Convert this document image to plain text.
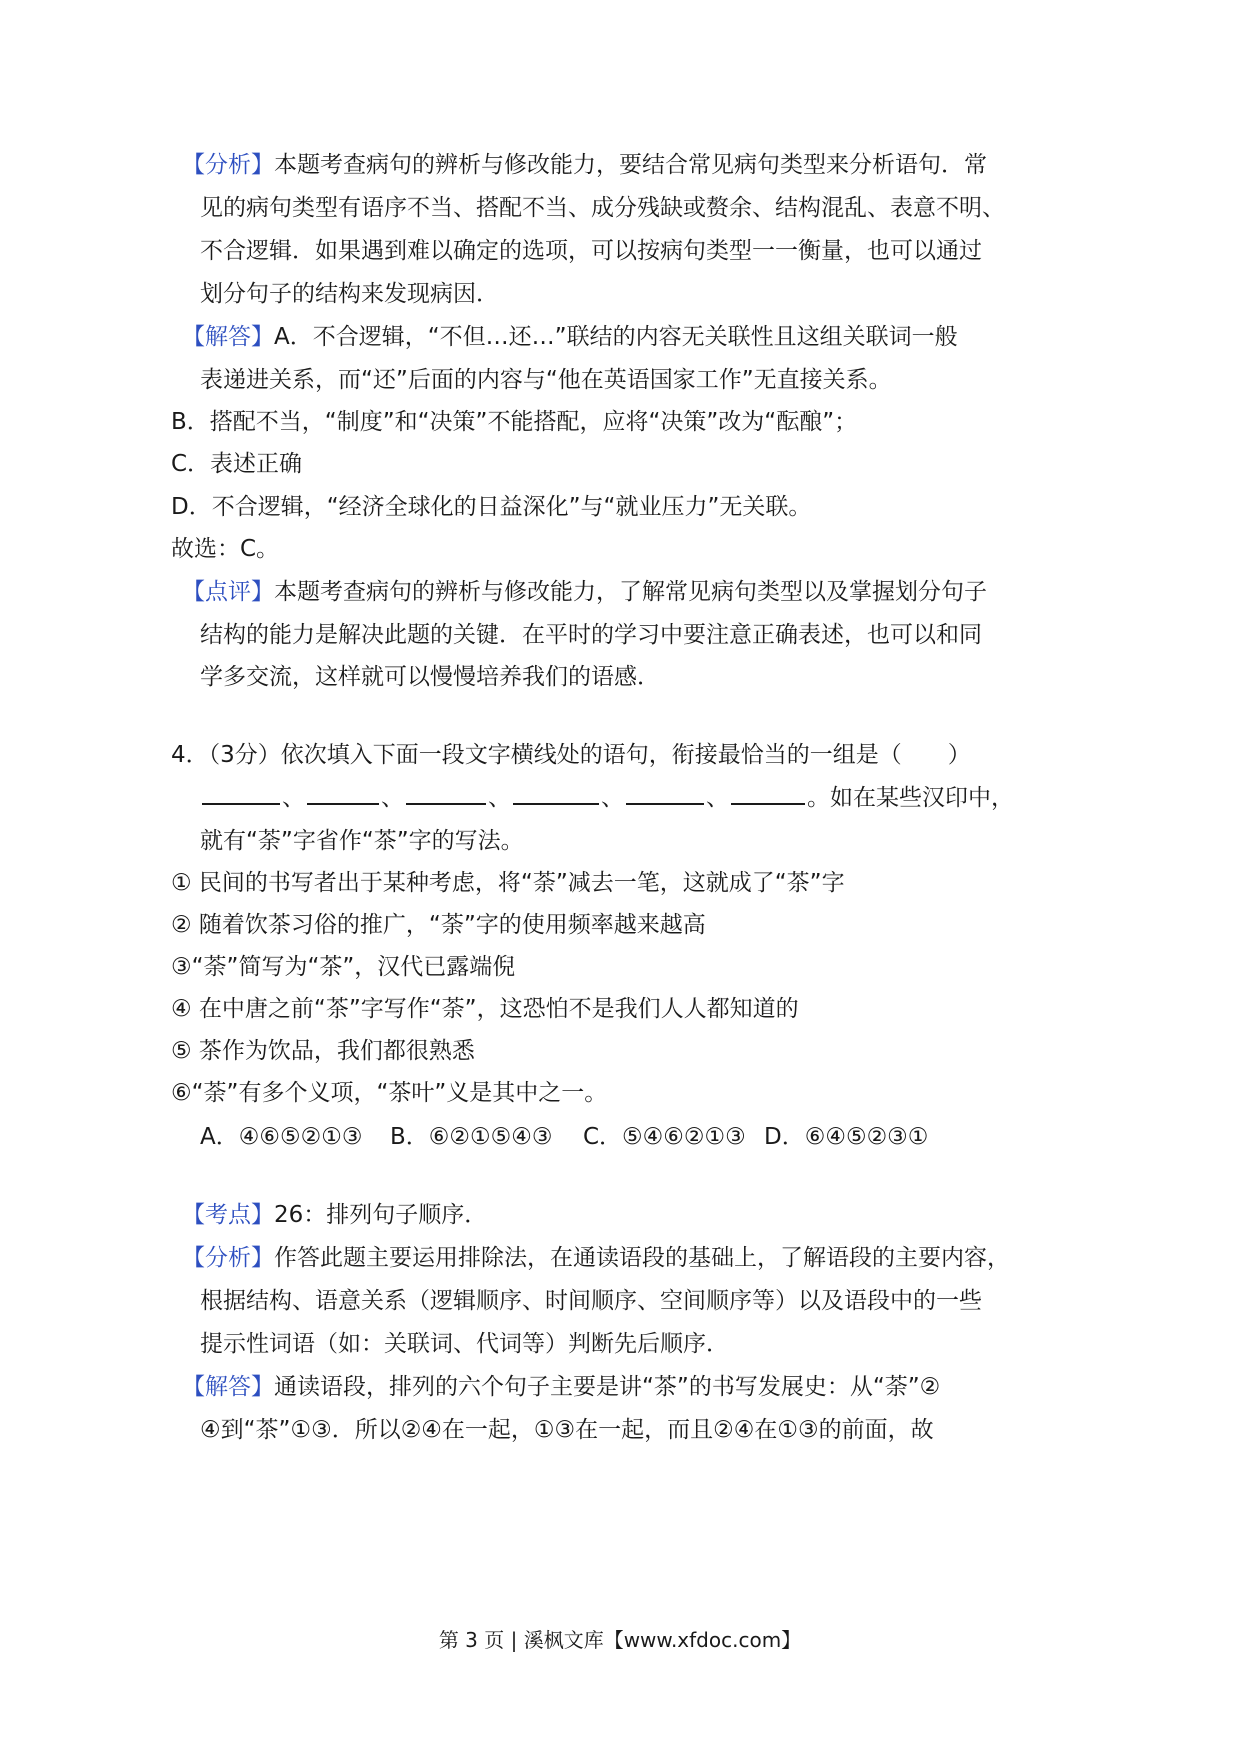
【分析】本题考查病句的辨析与修改能力，要结合常见病句类型来分析语句．常
见的病句类型有语序不当、搭配不当、成分残缺或赘余、结构混乱、表意不明、
不合逻辑．如果遇到难以确定的选项，可以按病句类型一一衡量，也可以通过
划分句子的结构来发现病因．
【解答】A．不合逻辑，“不但…还…”联结的内容无关联性且这组关联词一般
表递进关系，而“还”后面的内容与“他在英语国家工作”无直接关系。
B．搭配不当，“制度”和“决策”不能搭配，应将“决策”改为“酝酿”；
C．表述正确
D．不合逻辑，“经济全球化的日益深化”与“就业压力”无关联。
故选：C。
【点评】本题考查病句的辨析与修改能力，了解常见病句类型以及掌握划分句子
结构的能力是解决此题的关键．在平时的学习中要注意正确表述，也可以和同
学多交流，这样就可以慢慢培养我们的语感．
4．（3分）依次填入下面一段文字横线处的语句，衔接最恰当的一组是（　　）
、	、	、	、	、	。如在某些汉印中，
就有“荼”字省作“茶”字的写法。
① 民间的书写者出于某种考虑，将“荼”减去一笔，这就成了“茶”字
② 随着饮茶习俗的推广，“荼”字的使用频率越来越高
③“荼”简写为“茶”，汉代已露端倪
④ 在中唐之前“茶”字写作“荼”，这恐怕不是我们人人都知道的
⑤ 茶作为饮品，我们都很熟悉
⑥“荼”有多个义项，“茶叶”义是其中之一。
A．④⑥⑤②①③ B．⑥②①⑤④③ C．⑤④⑥②①③ D．⑥④⑤②③①
【考点】26：排列句子顺序．
【分析】作答此题主要运用排除法，在通读语段的基础上，了解语段的主要内容，
根据结构、语意关系（逻辑顺序、时间顺序、空间顺序等）以及语段中的一些
提示性词语（如：关联词、代词等）判断先后顺序．
【解答】通读语段，排列的六个句子主要是讲“茶”的书写发展史：从“荼”②
④到“茶”①③．所以②④在一起，①③在一起，而且②④在①③的前面，故
第 3 页 | 溪枫文库【www.xfdoc.com】
